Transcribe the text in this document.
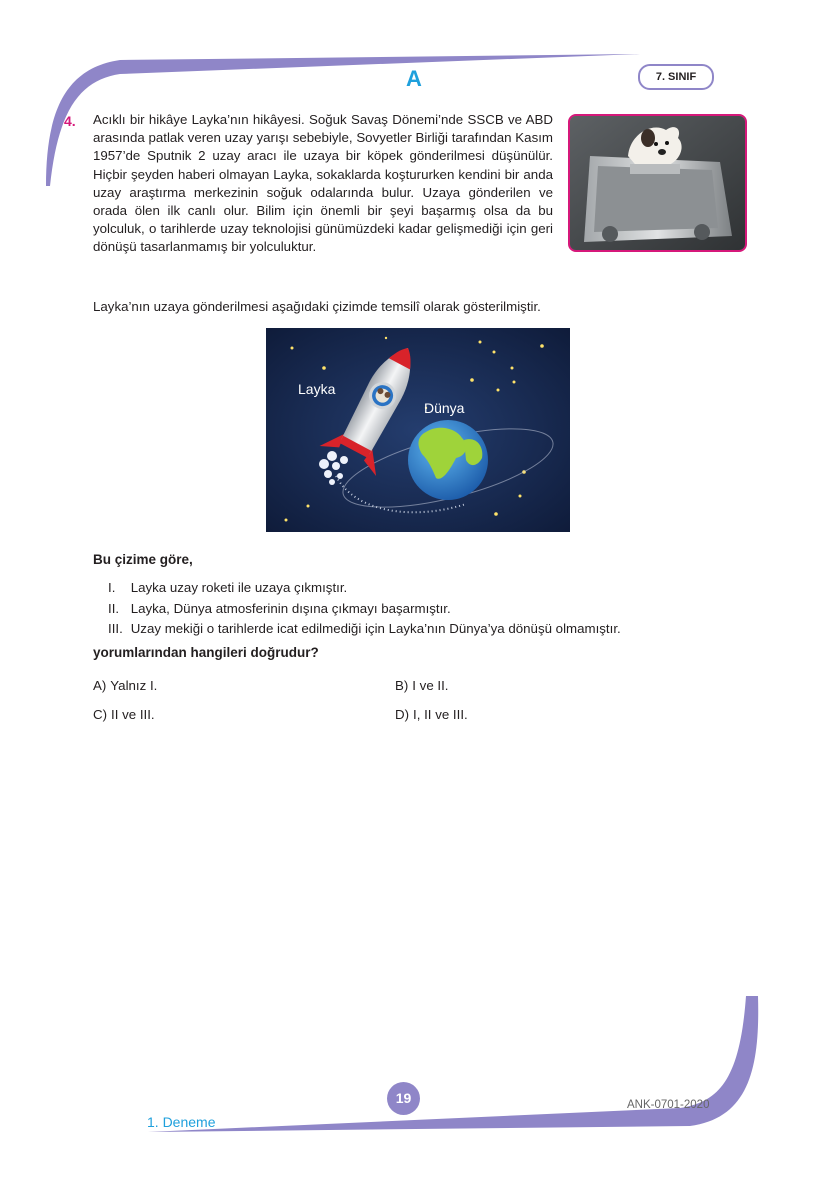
A	7. SINIF
4. Acıklı bir hikâye Layka’nın hikâyesi. Soğuk Savaş Dönemi’nde SSCB ve ABD arasında patlak veren uzay yarışı sebebiyle, Sovyetler Birliği tarafından Kasım 1957’de Sputnik 2 uzay aracı ile uzaya bir köpek gönderilmesi düşünülür. Hiçbir şeyden haberi olmayan Layka, sokaklarda koştururken kendini bir anda uzay araştırma merkezinin soğuk odalarında bulur. Uzaya gönderilen ve orada ölen ilk canlı olur. Bilim için önemli bir şeyi başarmış olsa da bu yolculuk, o tarihlerde uzay teknolojisi günümüzdeki kadar gelişmediği için geri dönüşü tasarlanmamış bir yolculuktur.

Layka’nın uzaya gönderilmesi aşağıdaki çizimde temsilî olarak gösterilmiştir.
Layka
Dünya
Bu çizime göre,
I. Layka uzay roketi ile uzaya çıkmıştır.
II. Layka, Dünya atmosferinin dışına çıkmayı başarmıştır.
III. Uzay mekiği o tarihlerde icat edilmediği için Layka’nın Dünya’ya dönüşü olmamıştır.
yorumlarından hangileri doğrudur?
A) Yalnız I.	B) I ve II.
C) II ve III.	D) I, II ve III.
19	ANK-0701-2020
1. Deneme
